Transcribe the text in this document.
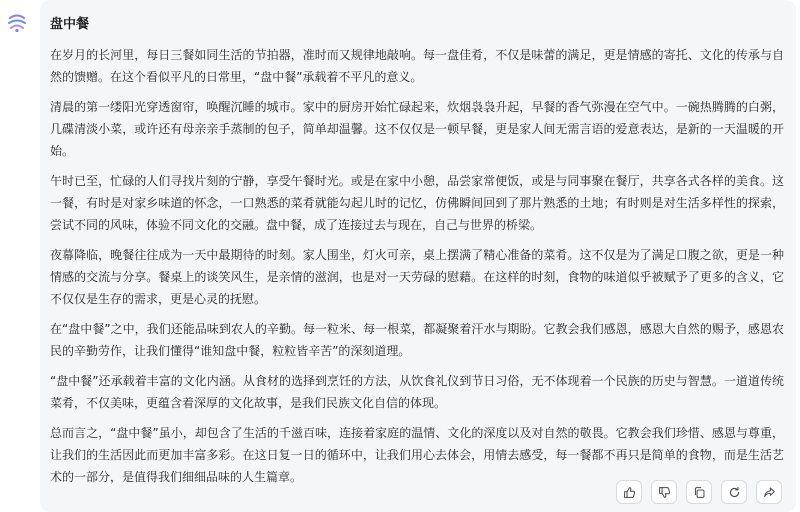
盘中餐

在岁月的长河里，每日三餐如同生活的节拍器，准时而又规律地敲响。每一盘佳肴，不仅是味蕾的满足，更是情感的寄托、文化的传承与自然的馈赠。在这个看似平凡的日常里，“盘中餐”承载着不平凡的意义。

清晨的第一缕阳光穿透窗帘，唤醒沉睡的城市。家中的厨房开始忙碌起来，炊烟袅袅升起，早餐的香气弥漫在空气中。一碗热腾腾的白粥，几碟清淡小菜，或许还有母亲亲手蒸制的包子，简单却温馨。这不仅仅是一顿早餐，更是家人间无需言语的爱意表达，是新的一天温暖的开始。

午时已至，忙碌的人们寻找片刻的宁静，享受午餐时光。或是在家中小憩，品尝家常便饭，或是与同事聚在餐厅，共享各式各样的美食。这一餐，有时是对家乡味道的怀念，一口熟悉的菜肴就能勾起儿时的记忆，仿佛瞬间回到了那片熟悉的土地；有时则是对生活多样性的探索，尝试不同的风味，体验不同文化的交融。盘中餐，成了连接过去与现在，自己与世界的桥梁。

夜幕降临，晚餐往往成为一天中最期待的时刻。家人围坐，灯火可亲，桌上摆满了精心准备的菜肴。这不仅是为了满足口腹之欲，更是一种情感的交流与分享。餐桌上的谈笑风生，是亲情的滋润，也是对一天劳碌的慰藉。在这样的时刻，食物的味道似乎被赋予了更多的含义，它不仅仅是生存的需求，更是心灵的抚慰。

在“盘中餐”之中，我们还能品味到农人的辛勤。每一粒米、每一根菜，都凝聚着汗水与期盼。它教会我们感恩，感恩大自然的赐予，感恩农民的辛勤劳作，让我们懂得“谁知盘中餐，粒粒皆辛苦”的深刻道理。

“盘中餐”还承载着丰富的文化内涵。从食材的选择到烹饪的方法，从饮食礼仪到节日习俗，无不体现着一个民族的历史与智慧。一道道传统菜肴，不仅美味，更蕴含着深厚的文化故事，是我们民族文化自信的体现。

总而言之，“盘中餐”虽小，却包含了生活的千滋百味，连接着家庭的温情、文化的深度以及对自然的敬畏。它教会我们珍惜、感恩与尊重，让我们的生活因此而更加丰富多彩。在这日复一日的循环中，让我们用心去体会，用情去感受，每一餐都不再只是简单的食物，而是生活艺术的一部分，是值得我们细细品味的人生篇章。
